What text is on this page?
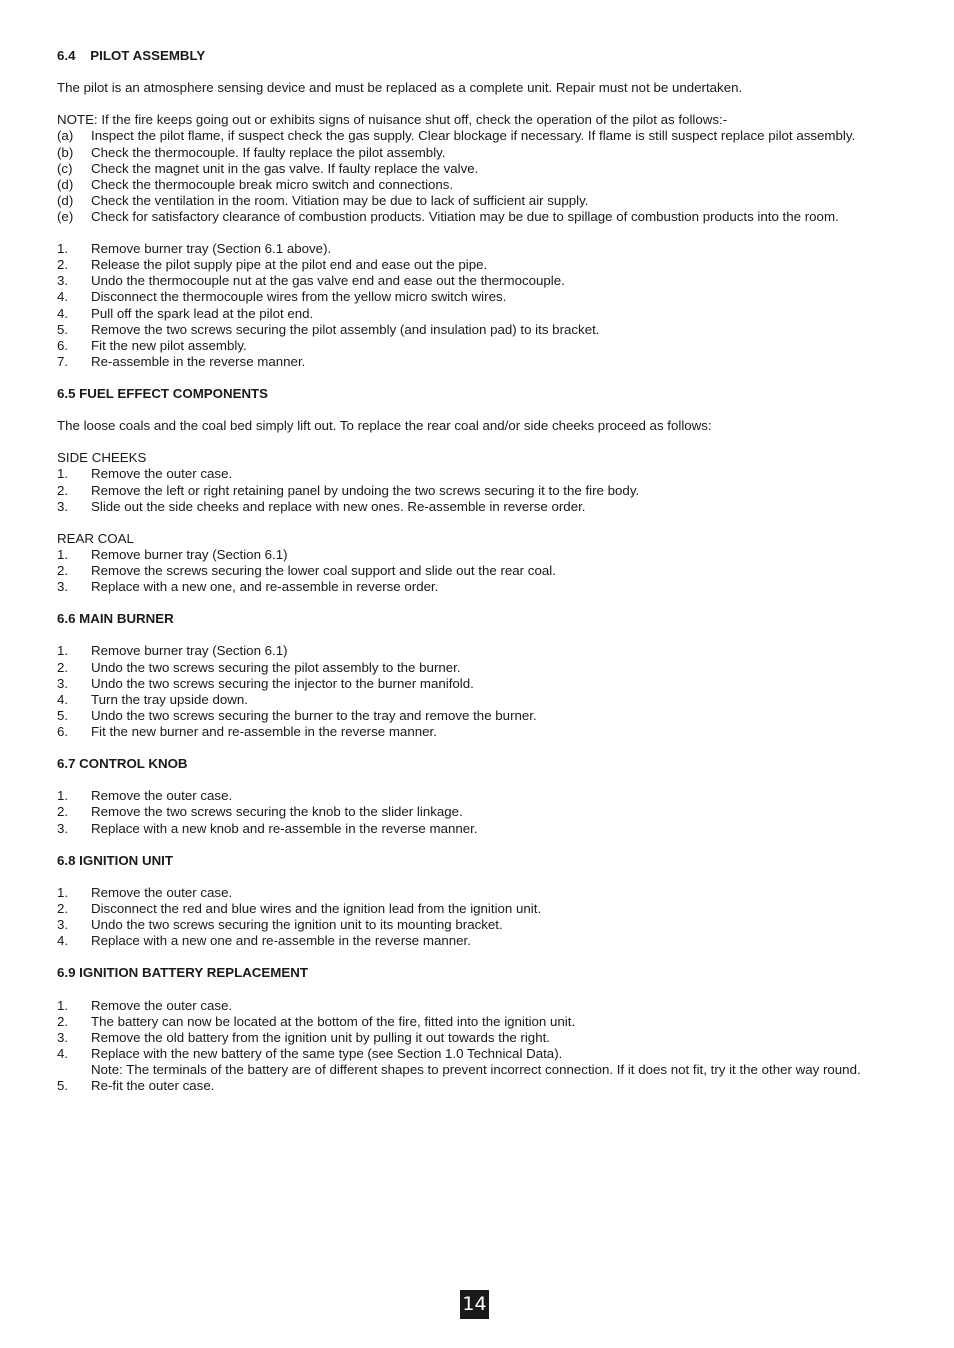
6.4 PILOT ASSEMBLY

The pilot is an atmosphere sensing device and must be replaced as a complete unit. Repair must not be undertaken.

NOTE: If the fire keeps going out or exhibits signs of nuisance shut off, check the operation of the pilot as follows:-

(a)	Inspect the pilot flame, if suspect check the gas supply. Clear blockage if necessary. If flame is still suspect replace pilot assembly.
(b)	Check the thermocouple. If faulty replace the pilot assembly.
(c)	Check the magnet unit in the gas valve. If faulty replace the valve.
(d)	Check the thermocouple break micro switch and connections.
(d)	Check the ventilation in the room. Vitiation may be due to lack of sufficient air supply.
(e)	Check for satisfactory clearance of combustion products. Vitiation may be due to spillage of combustion products into the room.
1.	Remove burner tray (Section 6.1 above).
2.	Release the pilot supply pipe at the pilot end and ease out the pipe.
3.	Undo the thermocouple nut at the gas valve end and ease out the thermocouple.
4.	Disconnect the thermocouple wires from the yellow micro switch wires.
4.	Pull off the spark lead at the pilot end.
5.	Remove the two screws securing the pilot assembly (and insulation pad) to its bracket.
6.	Fit the new pilot assembly.
7.	Re-assemble in the reverse manner.

6.5 FUEL EFFECT COMPONENTS

The loose coals and the coal bed simply lift out. To replace the rear coal and/or side cheeks proceed as follows:

SIDE CHEEKS

1.	Remove the outer case.
2.	Remove the left or right retaining panel by undoing the two screws securing it to the fire body.
3.	Slide out the side cheeks and replace with new ones. Re-assemble in reverse order.

REAR COAL

1.	Remove burner tray (Section 6.1)
2.	Remove the screws securing the lower coal support and slide out the rear coal.
3.	Replace with a new one, and re-assemble in reverse order.

6.6 MAIN BURNER

1.	Remove burner tray (Section 6.1)
2.	Undo the two screws securing the pilot assembly to the burner.
3.	Undo the two screws securing the injector to the burner manifold.
4.	Turn the tray upside down.
5.	Undo the two screws securing the burner to the tray and remove the burner.
6.	Fit the new burner and re-assemble in the reverse manner.

6.7 CONTROL KNOB

1.	Remove the outer case.
2.	Remove the two screws securing the knob to the slider linkage.
3.	Replace with a new knob and re-assemble in the reverse manner.

6.8 IGNITION UNIT

1.	Remove the outer case.
2.	Disconnect the red and blue wires and the ignition lead from the ignition unit.
3.	Undo the two screws securing the ignition unit to its mounting bracket.
4.	Replace with a new one and re-assemble in the reverse manner.

6.9 IGNITION BATTERY REPLACEMENT

1.	Remove the outer case.
2.	The battery can now be located at the bottom of the fire, fitted into the ignition unit.
3.	Remove the old battery from the ignition unit by pulling it out towards the right.
4.	Replace with the new battery of the same type (see Section 1.0 Technical Data).
Note: The terminals of the battery are of different shapes to prevent incorrect connection. If it does not fit, try it the other way round.
5.	Re-fit the outer case.
14
